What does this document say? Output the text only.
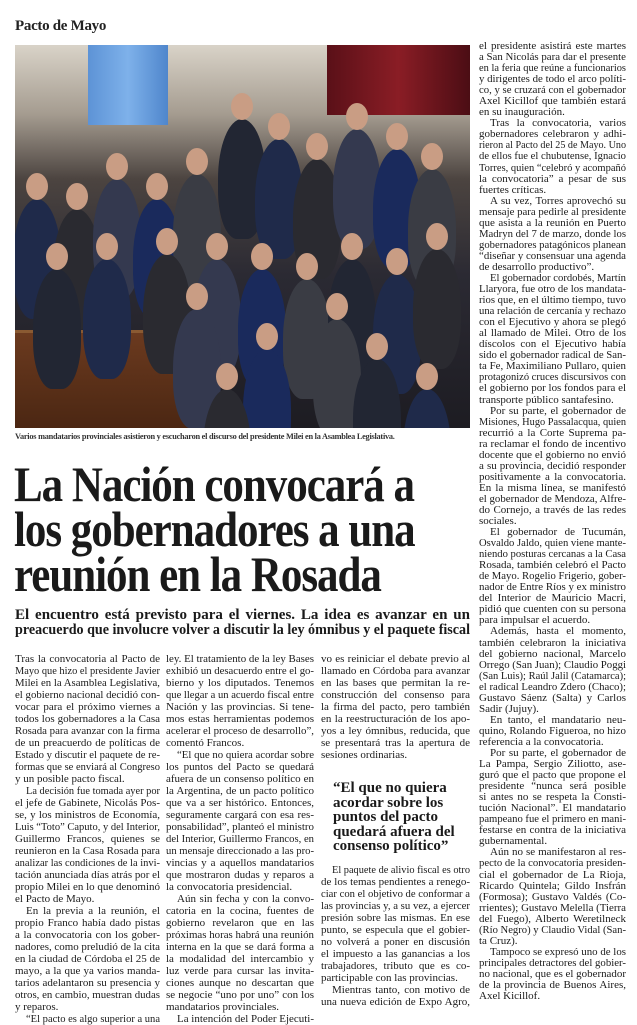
Pacto de Mayo
Varios mandatarios provinciales asistieron y escucharon el discurso del presidente Milei en la Asamblea Legislativa.
La Nación convocará a
los gobernadores a una
reunión en la Rosada
El encuentro está previsto para el viernes. La idea es avanzar en un
preacuerdo que involucre volver a discutir la ley ómnibus y el paquete fiscal
Tras la convocatoria al Pacto de
Mayo que hizo el presidente Javier
Milei en la Asamblea Legislativa,
el gobierno nacional decidió con-
vocar para el próximo viernes a
todos los gobernadores a la Casa
Rosada para avanzar con la firma
de un preacuerdo de políticas de
Estado y discutir el paquete de re-
formas que se enviará al Congreso
y un posible pacto fiscal.
La decisión fue tomada ayer por
el jefe de Gabinete, Nicolás Pos-
se, y los ministros de Economía,
Luis “Toto” Caputo, y del Interior,
Guillermo Francos, quienes se
reunieron en la Casa Rosada para
analizar las condiciones de la invi-
tación anunciada días atrás por el
propio Milei en lo que denominó
el Pacto de Mayo.
En la previa a la reunión, el
propio Franco había dado pistas
a la convocatoria con los gober-
nadores, como preludió de la cita
en la ciudad de Córdoba el 25 de
mayo, a la que ya varios manda-
tarios adelantaron su presencia y
otros, en cambio, muestran dudas
y reparos.
“El pacto es algo superior a una
ley. El tratamiento de la ley Bases
exhibió un desacuerdo entre el go-
bierno y los diputados. Tenemos
que llegar a un acuerdo fiscal entre
Nación y las provincias. Si tene-
mos estas herramientas podemos
acelerar el proceso de desarrollo”,
comentó Francos.
“El que no quiera acordar sobre
los puntos del Pacto se quedará
afuera de un consenso político en
la Argentina, de un pacto político
que va a ser histórico. Entonces,
seguramente cargará con esa res-
ponsabilidad”, planteó el ministro
del Interior, Guillermo Francos, en
un mensaje direccionado a las pro-
vincias y a aquellos mandatarios
que mostraron dudas y reparos a
la convocatoria presidencial.
Aún sin fecha y con la convo-
catoria en la cocina, fuentes de
gobierno revelaron que en las
próximas horas habrá una reunión
interna en la que se dará forma a
la modalidad del intercambio y
luz verde para cursar las invita-
ciones aunque no descartan que
se negocie “uno por uno” con los
mandatarios provinciales.
La intención del Poder Ejecuti-
vo es reiniciar el debate previo al
llamado en Córdoba para avanzar
en las bases que permitan la re-
construcción del consenso para
la firma del pacto, pero también
en la reestructuración de los apo-
yos a ley ómnibus, reducida, que
se presentará tras la apertura de
sesiones ordinarias.
“El que no quiera
acordar sobre los
puntos del pacto
quedará afuera del
consenso político”
El paquete de alivio fiscal es otro
de los temas pendientes a renego-
ciar con el objetivo de conformar a
las provincias y, a su vez, a ejercer
presión sobre las mismas. En ese
punto, se especula que el gobier-
no volverá a poner en discusión
el impuesto a las ganancias a los
trabajadores, tributo que es co-
participable con las provincias.
Mientras tanto, con motivo de
una nueva edición de Expo Agro,
el presidente asistirá este martes
a San Nicolás para dar el presente
en la feria que reúne a funcionarios
y dirigentes de todo el arco políti-
co, y se cruzará con el gobernador
Axel Kicillof que también estará
en su inauguración.
Tras la convocatoria, varios
gobernadores celebraron y adhi-
rieron al Pacto del 25 de Mayo. Uno
de ellos fue el chubutense, Ignacio
Torres, quien “celebró y acompañó
la convocatoria” a pesar de sus
fuertes críticas.
A su vez, Torres aprovechó su
mensaje para pedirle al presidente
que asista a la reunión en Puerto
Madryn del 7 de marzo, donde los
gobernadores patagónicos planean
“diseñar y consensuar una agenda
de desarrollo productivo”.
El gobernador cordobés, Martín
Llaryora, fue otro de los mandata-
rios que, en el último tiempo, tuvo
una relación de cercanía y rechazo
con el Ejecutivo y ahora se plegó
al llamado de Milei. Otro de los
díscolos con el Ejecutivo había
sido el gobernador radical de San-
ta Fe, Maximiliano Pullaro, quien
protagonizó cruces discursivos con
el gobierno por los fondos para el
transporte público santafesino.
Por su parte, el gobernador de
Misiones, Hugo Passalacqua, quien
recurrió a la Corte Suprema pa-
ra reclamar el fondo de incentivo
docente que el gobierno no envió
a su provincia, decidió responder
positivamente a la convocatoria.
En la misma línea, se manifestó
el gobernador de Mendoza, Alfre-
do Cornejo, a través de las redes
sociales.
El gobernador de Tucumán,
Osvaldo Jaldo, quien viene mante-
niendo posturas cercanas a la Casa
Rosada, también celebró el Pacto
de Mayo. Rogelio Frigerio, gober-
nador de Entre Ríos y ex ministro
del Interior de Mauricio Macri,
pidió que cuenten con su persona
para impulsar el acuerdo.
Además, hasta el momento,
también celebraron la iniciativa
del gobierno nacional, Marcelo
Orrego (San Juan); Claudio Poggi
(San Luis); Raúl Jalil (Catamarca);
el radical Leandro Zdero (Chaco);
Gustavo Sáenz (Salta) y Carlos
Sadir (Jujuy).
En tanto, el mandatario neu-
quino, Rolando Figueroa, no hizo
referencia a la convocatoria.
Por su parte, el gobernador de
La Pampa, Sergio Ziliotto, ase-
guró que el pacto que propone el
presidente “nunca será posible
si antes no se respeta la Consti-
tución Nacional”. El mandatario
pampeano fue el primero en mani-
festarse en contra de la iniciativa
gubernamental.
Aún no se manifestaron al res-
pecto de la convocatoria presiden-
cial el gobernador de La Rioja,
Ricardo Quintela; Gildo Insfrán
(Formosa); Gustavo Valdés (Co-
rrientes); Gustavo Melella (Tierra
del Fuego), Alberto Weretilneck
(Río Negro) y Claudio Vidal (San-
ta Cruz).
Tampoco se expresó uno de los
principales detractores del gobier-
no nacional, que es el gobernador
de la provincia de Buenos Aires,
Axel Kicillof.
